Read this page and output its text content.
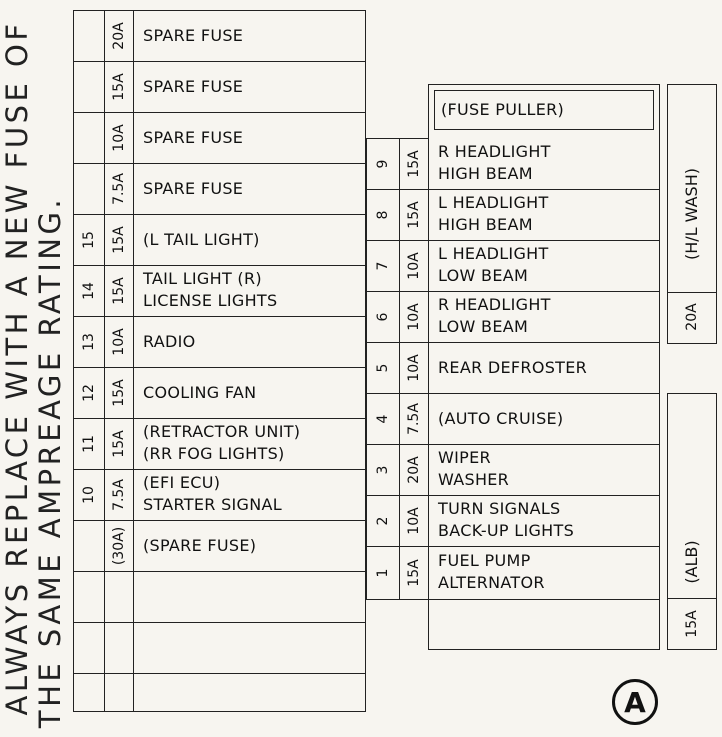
ALWAYS REPLACE WITH A NEW FUSE OF THE SAME AMPREAGE RATING.
20A SPARE FUSE
15A SPARE FUSE
10A SPARE FUSE
7.5A SPARE FUSE
15 15A (L TAIL LIGHT)
14 15A TAIL LIGHT (R)
LICENSE LIGHTS
13 10A RADIO
12 15A COOLING FAN
11 15A (RETRACTOR UNIT)
(RR FOG LIGHTS)
10 7.5A (EFI ECU)
STARTER SIGNAL
(30A) (SPARE FUSE)
(FUSE PULLER)
9 15A R HEADLIGHT
HIGH BEAM
8 15A L HEADLIGHT
HIGH BEAM
7 10A L HEADLIGHT
LOW BEAM
6 10A R HEADLIGHT
LOW BEAM
5 10A REAR DEFROSTER
4 7.5A (AUTO CRUISE)
3 20A WIPER
WASHER
2 10A TURN SIGNALS
BACK-UP LIGHTS
1 15A FUEL PUMP
ALTERNATOR
(H/L WASH)
20A
(ALB)
15A
A
